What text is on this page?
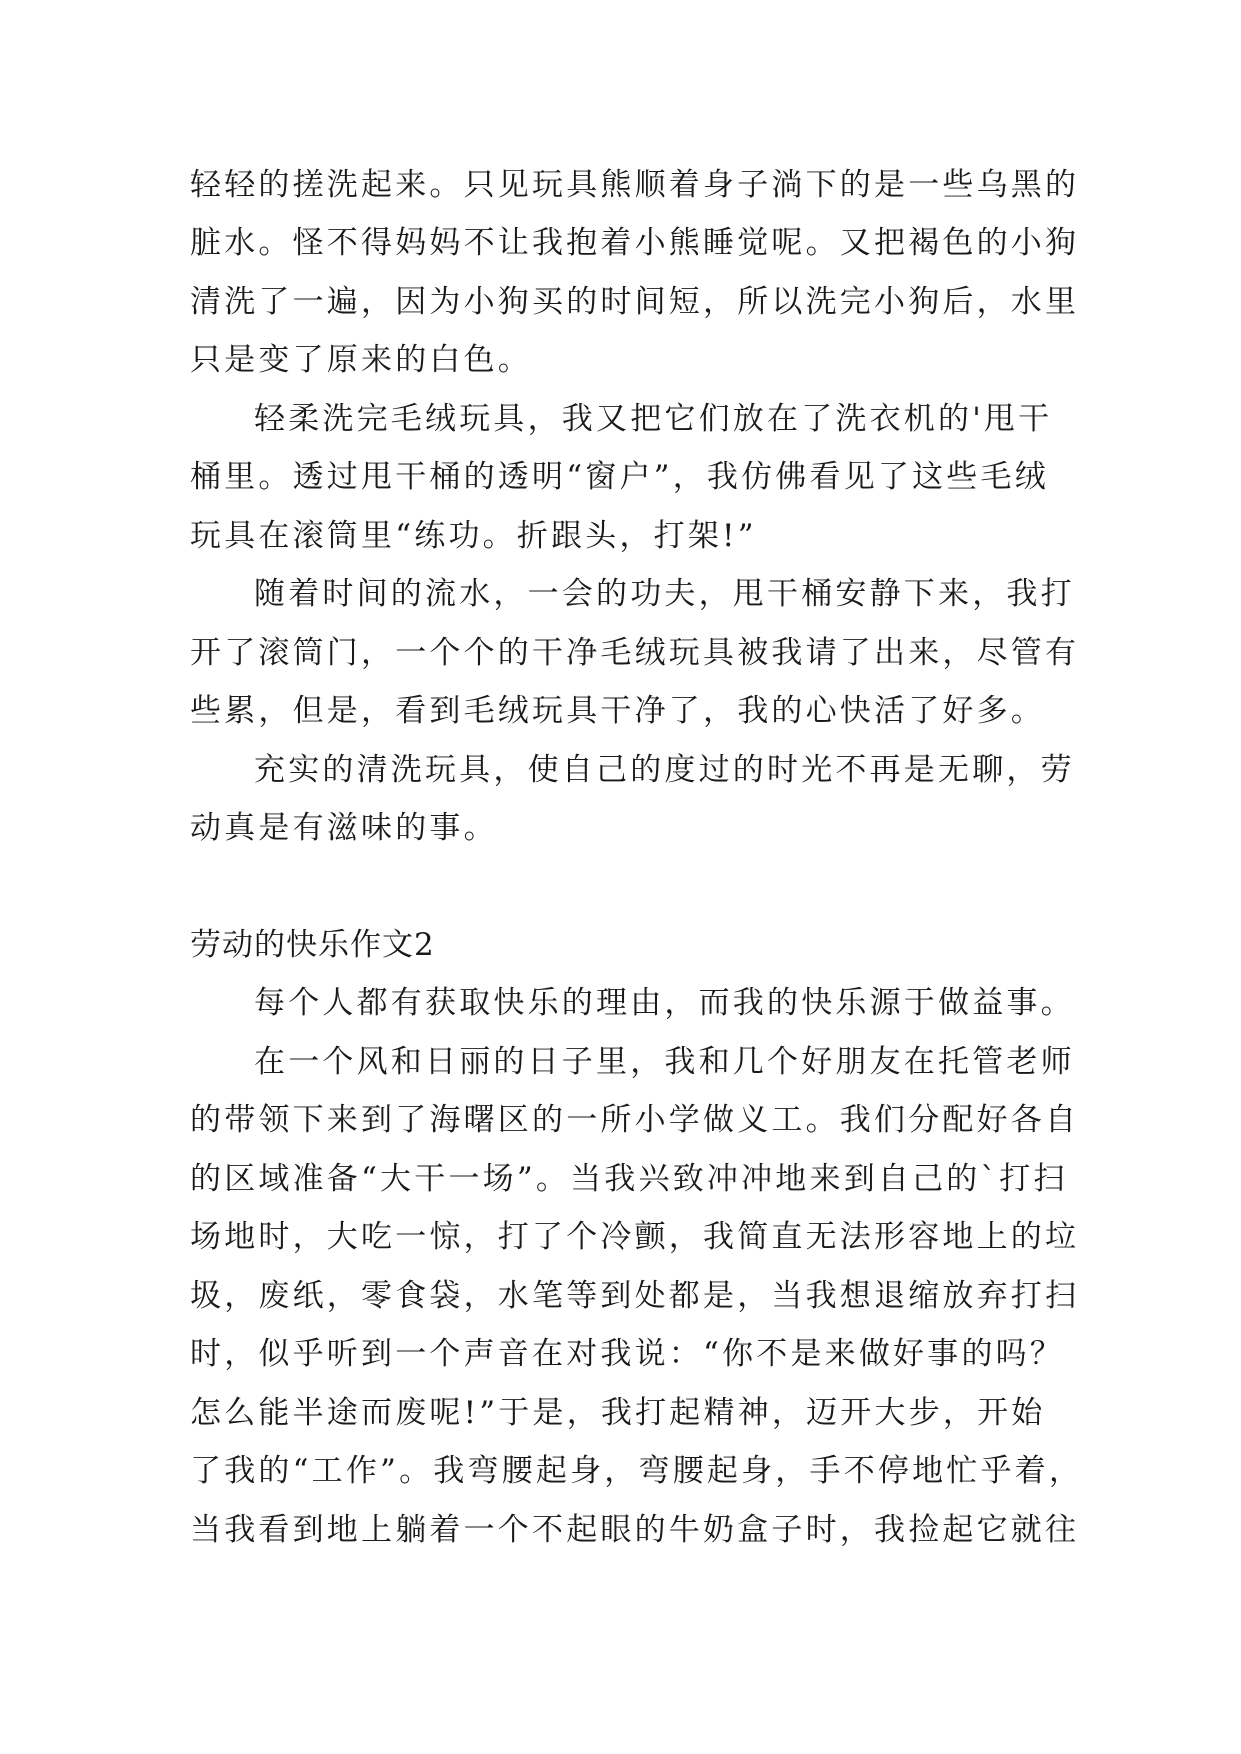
轻轻的搓洗起来。只见玩具熊顺着身子淌下的是一些乌黑的
脏水。怪不得妈妈不让我抱着小熊睡觉呢。又把褐色的小狗
清洗了一遍，因为小狗买的时间短，所以洗完小狗后，水里
只是变了原来的白色。
轻柔洗完毛绒玩具，我又把它们放在了洗衣机的'甩干
桶里。透过甩干桶的透明“窗户”，我仿佛看见了这些毛绒
玩具在滚筒里“练功。折跟头，打架!”
随着时间的流水，一会的功夫，甩干桶安静下来，我打
开了滚筒门，一个个的干净毛绒玩具被我请了出来，尽管有
些累，但是，看到毛绒玩具干净了，我的心快活了好多。
充实的清洗玩具，使自己的度过的时光不再是无聊，劳
动真是有滋味的事。
劳动的快乐作文2
每个人都有获取快乐的理由，而我的快乐源于做益事。
在一个风和日丽的日子里，我和几个好朋友在托管老师
的带领下来到了海曙区的一所小学做义工。我们分配好各自
的区域准备“大干一场”。当我兴致冲冲地来到自己的`打扫
场地时，大吃一惊，打了个冷颤，我简直无法形容地上的垃
圾，废纸，零食袋，水笔等到处都是，当我想退缩放弃打扫
时，似乎听到一个声音在对我说：“你不是来做好事的吗？
怎么能半途而废呢!”于是，我打起精神，迈开大步，开始
了我的“工作”。我弯腰起身，弯腰起身，手不停地忙乎着，
当我看到地上躺着一个不起眼的牛奶盒子时，我捡起它就往
